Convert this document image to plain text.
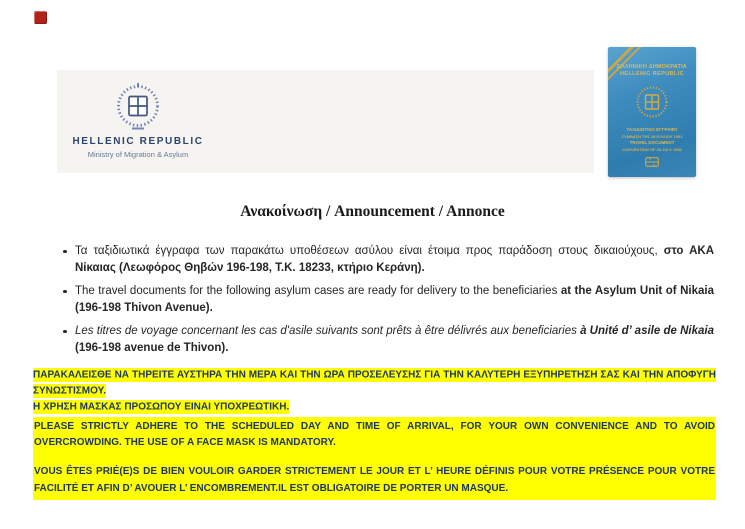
HELLENIC REPUBLIC
Ministry of Migration & Asylum
ΕΛΛΗΝΙΚΗ ΔΗΜΟΚΡΑΤΙΑ
HELLENIC REPUBLIC
ΤΑΞΙΔΙΩΤΙΚΟ ΕΓΓΡΑΦΟ
ΣΥΜΒΑΣΗ ΤΗΣ 28 ΙΟΥΛΙΟΥ 1951
TRAVEL DOCUMENT
CONVENTION OF 28 JULY 1951
Ανακοίνωση / Announcement / Annonce
Τα ταξιδιωτικά έγγραφα των παρακάτω υποθέσεων ασύλου είναι έτοιμα προς παράδοση στους δικαιούχους, στο ΑΚΑ Νίκαιας (Λεωφόρος Θηβών 196-198, Τ.Κ. 18233, κτήριο Κεράνη).
The travel documents for the following asylum cases are ready for delivery to the beneficiaries at the Asylum Unit of Nikaia (196-198 Thivon Avenue).
Les titres de voyage concernant les cas d'asile suivants sont prêts à être délivrés aux beneficiaries à Unité d’ asile de Nikaia (196-198 avenue de Thivon).
ΠΑΡΑΚΑΛΕΙΣΘΕ ΝΑ ΤΗΡΕΙΤΕ ΑΥΣΤΗΡΑ ΤΗΝ ΜΕΡΑ ΚΑΙ ΤΗΝ ΩΡΑ ΠΡΟΣΕΛΕΥΣΗΣ ΓΙΑ ΤΗΝ ΚΑΛΥΤΕΡΗ ΕΞΥΠΗΡΕΤΗΣΗ ΣΑΣ ΚΑΙ ΤΗΝ ΑΠΟΦΥΓΗ ΣΥΝΩΣΤΙΣΜΟΥ.
Η ΧΡΗΣΗ ΜΑΣΚΑΣ ΠΡΟΣΩΠΟΥ ΕΙΝΑΙ ΥΠΟΧΡΕΩΤΙΚΗ.
PLEASE STRICTLY ADHERE TO THE SCHEDULED DAY AND TIME OF ARRIVAL, FOR YOUR OWN CONVENIENCE AND TO AVOID OVERCROWDING. THE USE OF A FACE MASK IS MANDATORY.
VOUS ÊTES PRIÉ(E)S DE BIEN VOULOIR GARDER STRICTEMENT LE JOUR ET L’ HEURE DÉFINIS POUR VOTRE PRÉSENCE POUR VOTRE FACILITÉ ET AFIN D’ AVOUER L’ ENCOMBREMENT.IL EST OBLIGATOIRE DE PORTER UN MASQUE.
